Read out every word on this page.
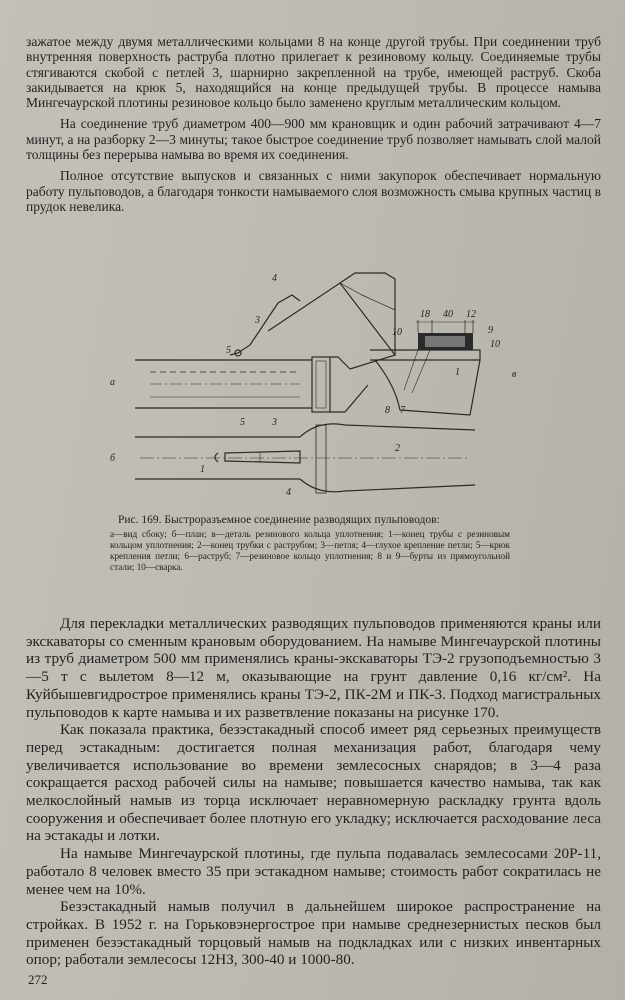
зажатое между двумя металлическими кольцами 8 на конце другой трубы. При соединении труб внутренняя поверхность раструба плотно прилегает к резиновому кольцу. Соединяемые трубы стягиваются скобой с петлей 3, шарнирно закрепленной на трубе, имеющей раструб. Скоба закидывается на крюк 5, находящийся на конце предыдущей трубы. В процессе намыва Мингечаурской плотины резиновое кольцо было заменено круглым металлическим кольцом.

На соединение труб диаметром 400—900 мм крановщик и один рабочий затрачивают 4—7 минут, а на разборку 2—3 минуты; такое быстрое соединение труб позволяет намывать слой малой толщины без перерыва намыва во время их соединения.

Полное отсутствие выпусков и связанных с ними закупорок обеспечивает нормальную работу пульповодов, а благодаря тонкости намываемого слоя возможность смыва крупных частиц в прудок невелика.

а
б
в
4
3
5
5	3
1
2
4
10	9
10
1
8 7
18 40 12

Рис. 169. Быстроразъемное соединение разводящих пульповодов:

а—вид сбоку; б—план; в—деталь резинового кольца уплотнения; 1—конец трубы с резиновым кольцом уплотнения; 2—конец трубки с раструбом; 3—петля; 4—глухое крепление петли; 5—крюк крепления петли; 6—раструб; 7—резиновое кольцо уплотнения; 8 и 9—бурты из прямоугольной стали; 10—сварка.

Для перекладки металлических разводящих пульповодов применяются краны или экскаваторы со сменным крановым оборудованием. На намыве Мингечаурской плотины из труб диаметром 500 мм применялись краны-экскаваторы ТЭ-2 грузоподъемностью 3—5 т с вылетом 8—12 м, оказывающие на грунт давление 0,16 кг/см². На Куйбышевгидрострое применялись краны ТЭ-2, ПК-2М и ПК-3. Подход магистральных пульповодов к карте намыва и их разветвление показаны на рисунке 170.

Как показала практика, безэстакадный способ имеет ряд серьезных преимуществ перед эстакадным: достигается полная механизация работ, благодаря чему увеличивается использование во времени землесосных снарядов; в 3—4 раза сокращается расход рабочей силы на намыве; повышается качество намыва, так как мелкослойный намыв из торца исключает неравномерную раскладку грунта вдоль сооружения и обеспечивает более плотную его укладку; исключается расходование леса на эстакады и лотки.

На намыве Мингечаурской плотины, где пульпа подавалась землесосами 20Р-11, работало 8 человек вместо 35 при эстакадном намыве; стоимость работ сократилась не менее чем на 10%.

Безэстакадный намыв получил в дальнейшем широкое распространение на стройках. В 1952 г. на Горьковэнергострое при намыве среднезернистых песков был применен безэстакадный торцовый намыв на подкладках или с низких инвентарных опор; работали землесосы 12НЗ, 300-40 и 1000-80.

272
